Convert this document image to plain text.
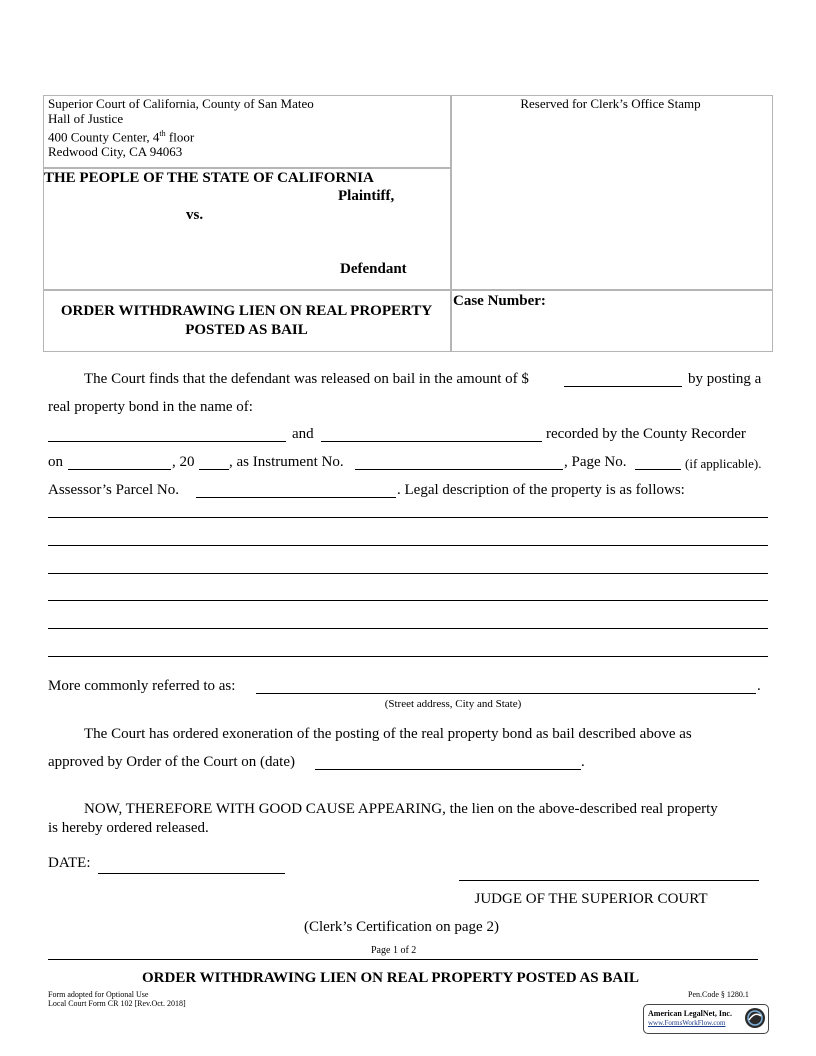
Superior Court of California, County of San Mateo
Hall of Justice
400 County Center, 4th floor
Redwood City, CA 94063
Reserved for Clerk’s Office Stamp
THE PEOPLE OF THE STATE OF CALIFORNIA
Plaintiff,
vs.
Defendant
ORDER WITHDRAWING LIEN ON REAL PROPERTY
POSTED AS BAIL
Case Number:
The Court finds that the defendant was released on bail in the amount of $	by posting a
real property bond in the name of:
and	recorded by the County Recorder
on	, 20 , as Instrument No.	, Page No.	(if applicable).
Assessor’s Parcel No.	. Legal description of the property is as follows:
More commonly referred to as:	.
(Street address, City and State)
The Court has ordered exoneration of the posting of the real property bond as bail described above as
approved by Order of the Court on (date)	.
NOW, THEREFORE WITH GOOD CAUSE APPEARING, the lien on the above-described real property
is hereby ordered released.
DATE:
JUDGE OF THE SUPERIOR COURT
(Clerk’s Certification on page 2)
Page 1 of 2
ORDER WITHDRAWING LIEN ON REAL PROPERTY POSTED AS BAIL
Form adopted for Optional Use
Local Court Form CR 102 [Rev.Oct. 2018]
Pen.Code § 1280.1
American LegalNet, Inc.
www.FormsWorkFlow.com
